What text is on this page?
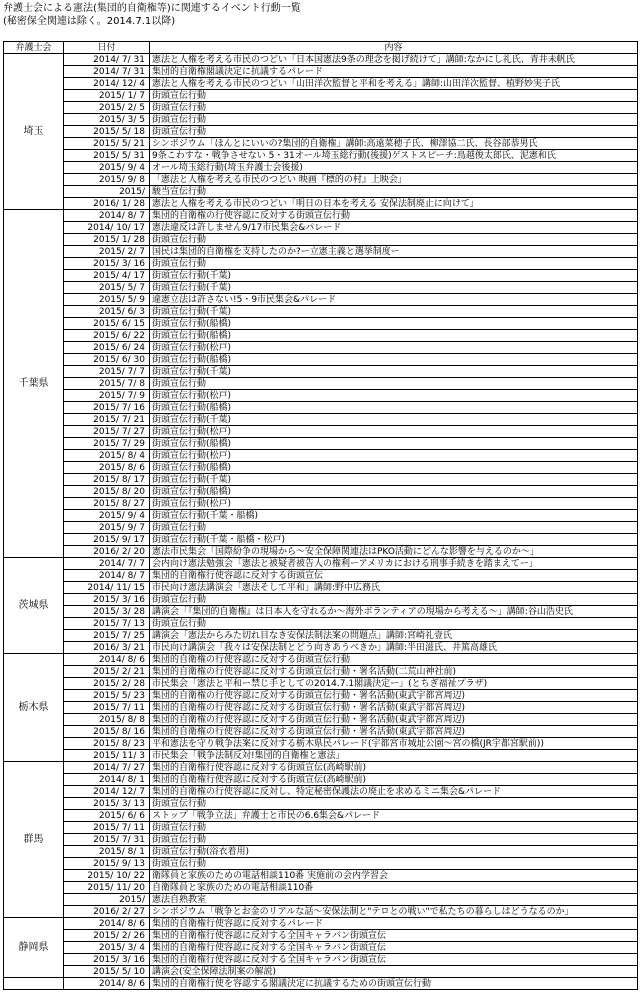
弁護士会による憲法(集団的自衛権等)に関連するイベント行動一覧
(秘密保全関連は除く。2014.7.1以降)
弁護士会	日付	内容
埼玉	2014/ 7/ 31	憲法と人権を考える市民のつどい「日本国憲法9条の理念を掲げ続けて」講師:なかにし礼氏、青井未帆氏
	2014/ 7/ 31	集団的自衛権閣議決定に抗議するパレード
	2014/ 12/ 4	憲法と人権を考える市民のつどい「山田洋次監督と平和を考える」講師:山田洋次監督、植野妙実子氏
	2015/ 1/ 7	街頭宣伝行動
	2015/ 2/ 5	街頭宣伝行動
	2015/ 3/ 5	街頭宣伝行動
	2015/ 5/ 18	街頭宣伝行動
	2015/ 5/ 21	シンポジウム「ほんとにいいの?集団的自衛権」講師:高遠菜穂子氏、柳澤協二氏、長谷部恭男氏
	2015/ 5/ 31	9条こわすな・戦争させない 5・31オール埼玉総行動(後援)ゲストスピーチ:鳥越俊太郎氏、泥憲和氏
	2015/ 9/ 4	オール埼玉総行動(埼玉弁護士会後援)
	2015/ 9/ 8	「憲法と人権を考える市民のつどい 映画『標的の村』上映会」
	2015/	駿当宣伝行動
	2016/ 1/ 28	憲法と人権を考える市民のつどい「明日の日本を考える 安保法制廃止に向けて」
千葉県	2014/ 8/ 7	集団的自衛権の行使容認に反対する街頭宣伝行動
	2014/ 10/ 17	憲法違反は許しません9/17市民集会&パレード
	2015/ 1/ 28	街頭宣伝行動
	2015/ 2/ 7	国民は集団的自衛権を支持したのか?ー立憲主義と選挙制度ー
	2015/ 3/ 16	街頭宣伝行動
	2015/ 4/ 17	街頭宣伝行動(千葉)
	2015/ 5/ 7	街頭宣伝行動(千葉)
	2015/ 5/ 9	違憲立法は許さない!5・9市民集会&パレード
	2015/ 6/ 3	街頭宣伝行動(千葉)
	2015/ 6/ 15	街頭宣伝行動(船橋)
	2015/ 6/ 22	街頭宣伝行動(船橋)
	2015/ 6/ 24	街頭宣伝行動(松戸)
	2015/ 6/ 30	街頭宣伝行動(船橋)
	2015/ 7/ 7	街頭宣伝行動(千葉)
	2015/ 7/ 8	街頭宣伝行動
	2015/ 7/ 9	街頭宣伝行動(松戸)
	2015/ 7/ 16	街頭宣伝行動(船橋)
	2015/ 7/ 21	街頭宣伝行動(千葉)
	2015/ 7/ 27	街頭宣伝行動(松戸)
	2015/ 7/ 29	街頭宣伝行動(船橋)
	2015/ 8/ 4	街頭宣伝行動(松戸)
	2015/ 8/ 6	街頭宣伝行動(船橋)
	2015/ 8/ 17	街頭宣伝行動(千葉)
	2015/ 8/ 20	街頭宣伝行動(船橋)
	2015/ 8/ 27	街頭宣伝行動(松戸)
	2015/ 9/ 4	街頭宣伝行動(千葉・船橋)
	2015/ 9/ 7	街頭宣伝行動
	2015/ 9/ 17	街頭宣伝行動(千葉・船橋・松戸)
	2016/ 2/ 20	憲法市民集会「国際紛争の現場から〜安全保障関連法はPKO活動にどんな影響を与えるのか〜」
茨城県	2014/ 7/ 7	会内向け憲法勉強会「憲法と被疑者被告人の権利ーアメリカにおける刑事手続きを踏まえてー」
	2014/ 8/ 7	集団的自衛権行使容認に反対する街頭宣伝
	2014/ 11/ 15	市民向け憲法講演会「憲法そして平和」講師:野中広務氏
	2015/ 3/ 16	街頭宣伝行動
	2015/ 3/ 28	講演会「『集団的自衛権』は日本人を守れるか〜海外ボランティアの現場から考える〜」講師:谷山浩史氏
	2015/ 7/ 13	街頭宣伝行動
	2015/ 7/ 25	講演会「憲法からみた切れ目なき安保法制法案の問題点」講師:宮崎礼壹氏
	2016/ 3/ 21	市民向け講演会「我々は安保法制とどう向きあうべきか」講師:半田滋氏、井篤高雄氏
栃木県	2014/ 8/ 6	集団的自衛権の行使容認に反対する街頭宣伝行動
	2015/ 2/ 21	集団的自衛権の行使容認に反対する街頭宣伝行動・署名活動(二荒山神社前)
	2015/ 2/ 28	市民集会「憲法と平和ー禁じ手としての2014.7.1閣議決定ー」(とちぎ福祉プラザ)
	2015/ 5/ 23	集団的自衛権の行使容認に反対する街頭宣伝行動・署名活動(東武宇都宮周辺)
	2015/ 7/ 11	集団的自衛権の行使容認に反対する街頭宣伝行動・署名活動(東武宇都宮周辺)
	2015/ 8/ 8	集団的自衛権の行使容認に反対する街頭宣伝行動・署名活動(東武宇都宮周辺)
	2015/ 8/ 16	集団的自衛権の行使容認に反対する街頭宣伝行動・署名活動(東武宇都宮周辺)
	2015/ 8/ 23	平和憲法を守り戦争法案に反対する栃木県民パレード(宇都宮市城址公園〜宮の橋(JR宇都宮駅前))
	2015/ 11/ 3	市民集会「戦争法制反対!集団的自衛権と憲法」
群馬	2014/ 7/ 27	集団的自衛権行使容認に反対する街頭宣伝(高崎駅前)
	2014/ 8/ 1	集団的自衛権行使容認に反対する街頭宣伝(高崎駅前)
	2014/ 12/ 7	集団的自衛権の行使容認に反対し、特定秘密保護法の廃止を求めるミニ集会&パレード
	2015/ 3/ 13	街頭宣伝行動
	2015/ 6/ 6	ストップ「戦争立法」弁護士と市民の6.6集会&パレード
	2015/ 7/ 11	街頭宣伝行動
	2015/ 7/ 31	街頭宣伝行動
	2015/ 8/ 1	街頭宣伝行動(浴衣着用)
	2015/ 9/ 13	街頭宣伝行動
	2015/ 10/ 22	衛隊員と家族のための電話相談110番 実施前の会内学習会
	2015/ 11/ 20	自衛隊員と家族のための電話相談110番
	2015/	憲法自熟教室
	2016/ 2/ 27	シンポジウム「戦争とお金のリアルな話〜安保法制と"テロとの戦い"で私たちの暮らしはどうなるのか」
静岡県	2014/ 8/ 6	集団的自衛権行使容認に反対するパレード
	2015/ 2/ 26	集団的自衛権行使容認に反対する全国キャラバン街頭宣伝
	2015/ 3/ 4	集団的自衛権行使容認に反対する全国キャラバン街頭宣伝
	2015/ 3/ 16	集団的自衛権行使容認に反対する全国キャラバン街頭宣伝
	2015/ 5/ 10	講演会(安全保障法制案の解説)
	2014/ 8/ 6	集団的自衛権行使を容認する閣議決定に抗議するための街頭宣伝行動
